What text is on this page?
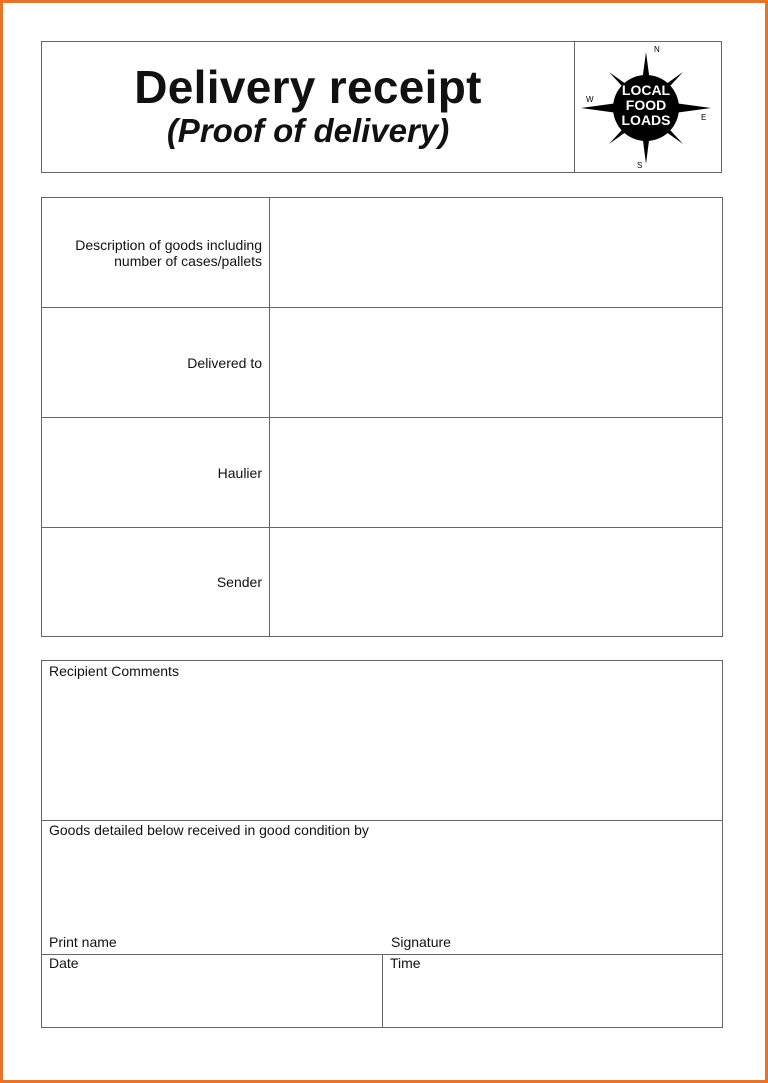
Delivery receipt
(Proof of delivery)
LOCAL
FOOD
LOADS
N
S
E
W
Description of goods including
number of cases/pallets
Delivered to
Haulier
Sender
Recipient Comments
Goods detailed below received in good condition by
Print name	Signature
Date	Time
